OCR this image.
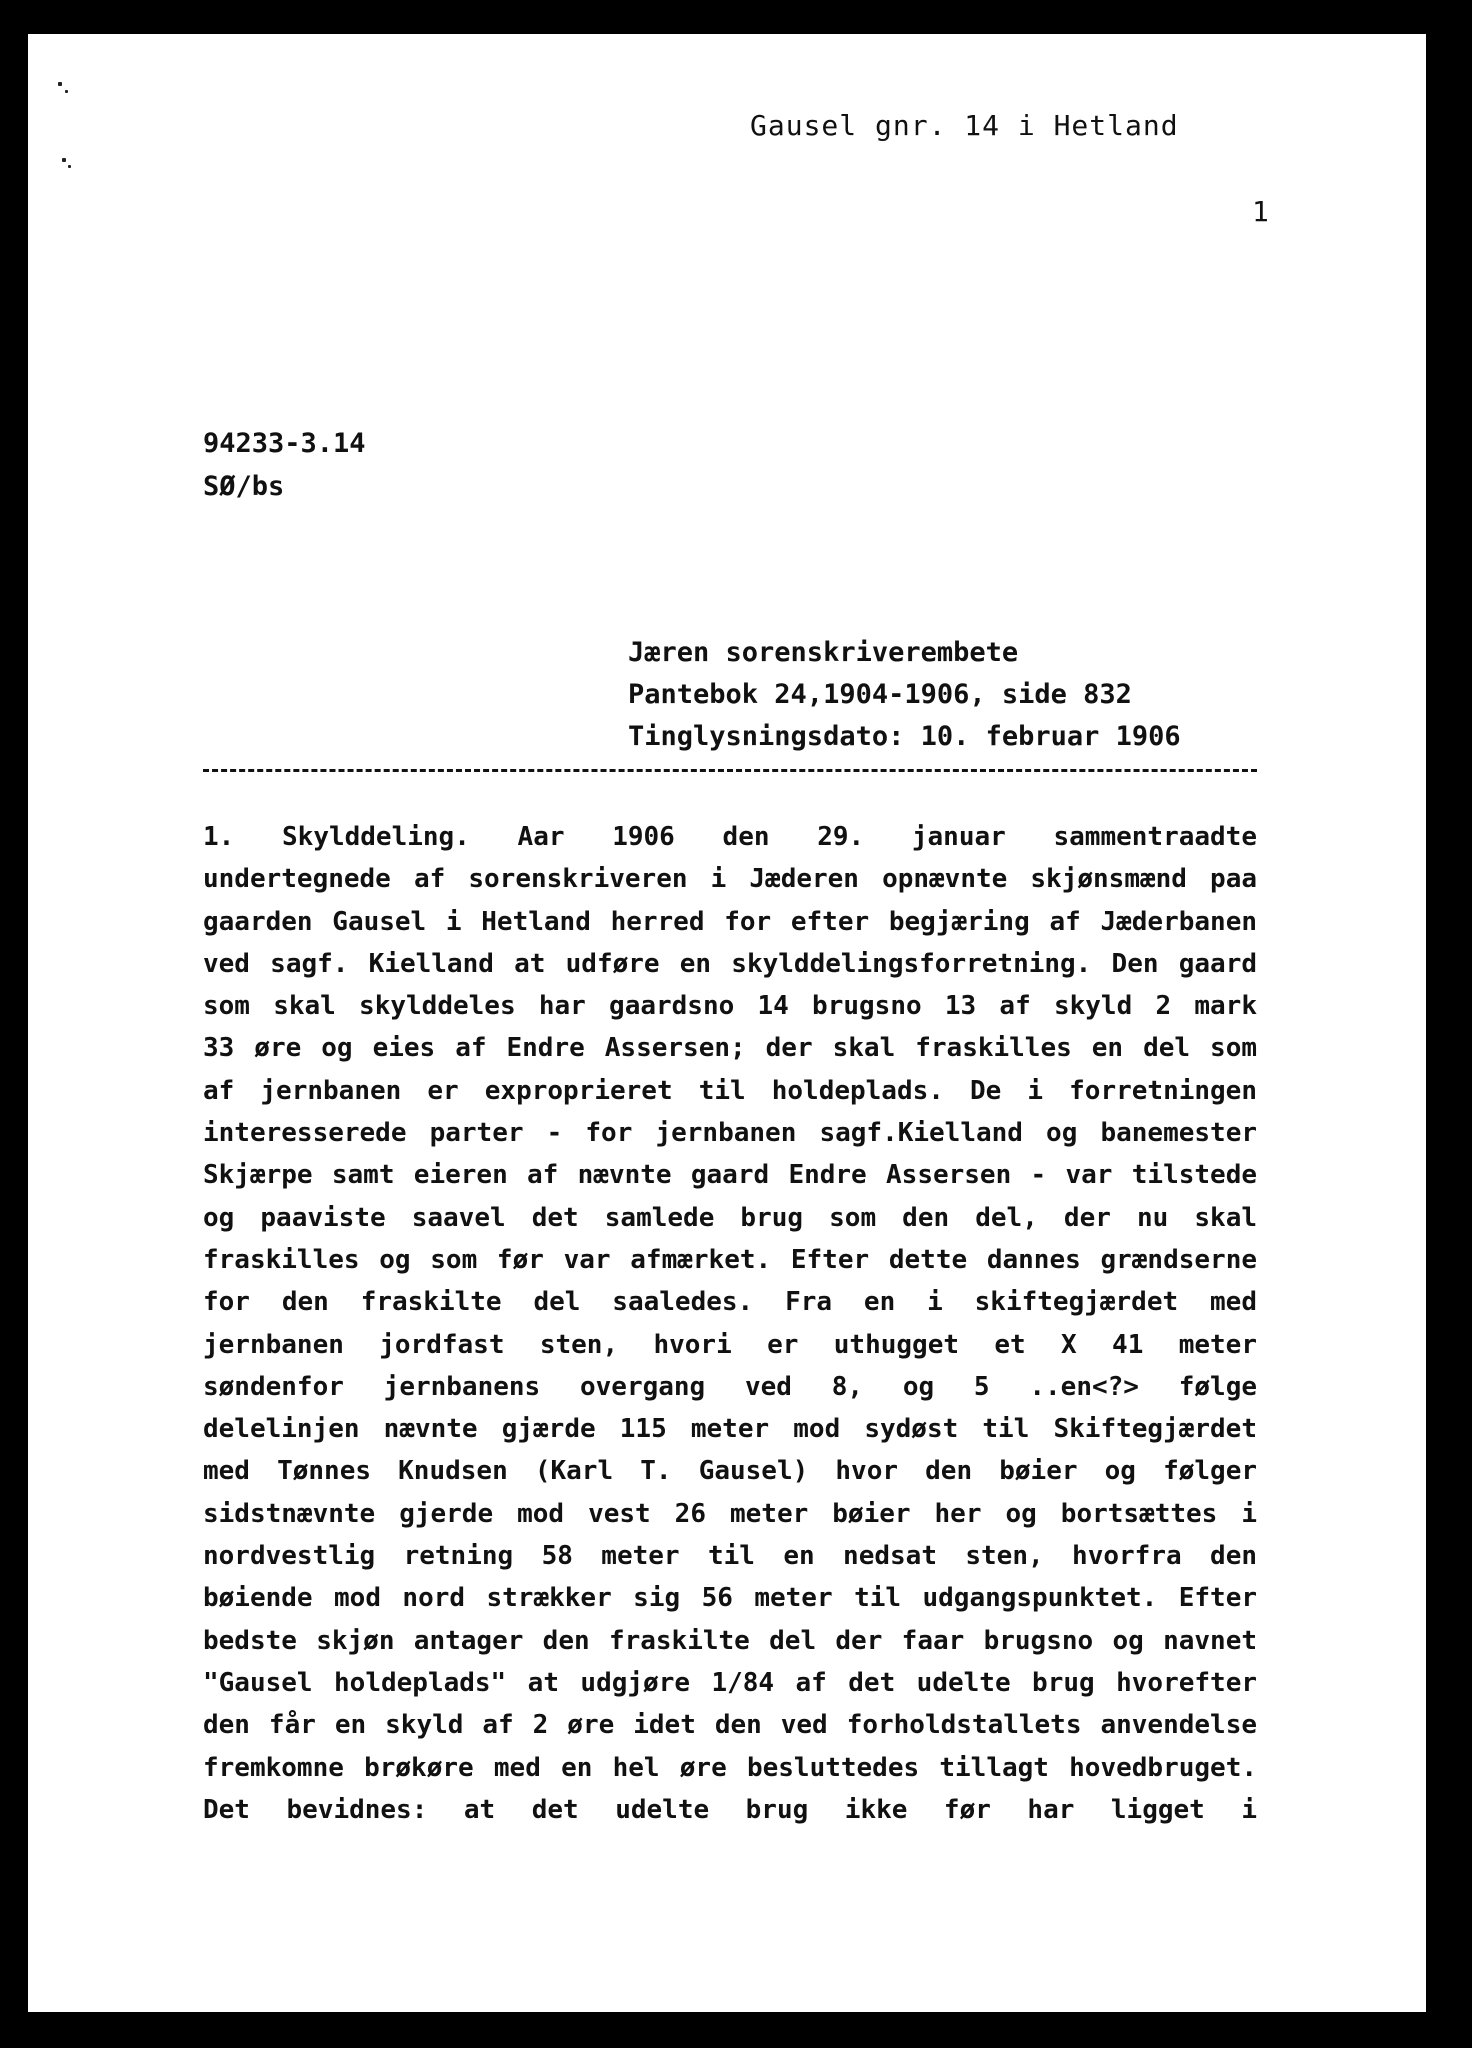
Gausel gnr. 14 i Hetland
1
94233-3.14
SØ/bs
Jæren sorenskriverembete
Pantebok 24,1904-1906, side 832
Tinglysningsdato: 10. februar 1906
1. Skylddeling. Aar 1906 den 29. januar sammentraadte
undertegnede af sorenskriveren i Jæderen opnævnte skjønsmænd paa
gaarden Gausel i Hetland herred for efter begjæring af Jæderbanen
ved sagf. Kielland at udføre en skylddelingsforretning. Den gaard
som skal skylddeles har gaardsno 14 brugsno 13 af skyld 2 mark
33 øre og eies af Endre Assersen; der skal fraskilles en del som
af jernbanen er exproprieret til holdeplads. De i forretningen
interesserede parter - for jernbanen sagf.Kielland og banemester
Skjærpe samt eieren af nævnte gaard Endre Assersen - var tilstede
og paaviste saavel det samlede brug som den del, der nu skal
fraskilles og som før var afmærket. Efter dette dannes grændserne
for den fraskilte del saaledes. Fra en i skiftegjærdet med
jernbanen jordfast sten, hvori er uthugget et X 41 meter
søndenfor jernbanens overgang ved 8, og 5 ..en<?> følge
delelinjen nævnte gjærde 115 meter mod sydøst til Skiftegjærdet
med Tønnes Knudsen (Karl T. Gausel) hvor den bøier og følger
sidstnævnte gjerde mod vest 26 meter bøier her og bortsættes i
nordvestlig retning 58 meter til en nedsat sten, hvorfra den
bøiende mod nord strækker sig 56 meter til udgangspunktet. Efter
bedste skjøn antager den fraskilte del der faar brugsno og navnet
"Gausel holdeplads" at udgjøre 1/84 af det udelte brug hvorefter
den får en skyld af 2 øre idet den ved forholdstallets anvendelse
fremkomne brøkøre med en hel øre besluttedes tillagt hovedbruget.
Det bevidnes: at det udelte brug ikke før har ligget i
